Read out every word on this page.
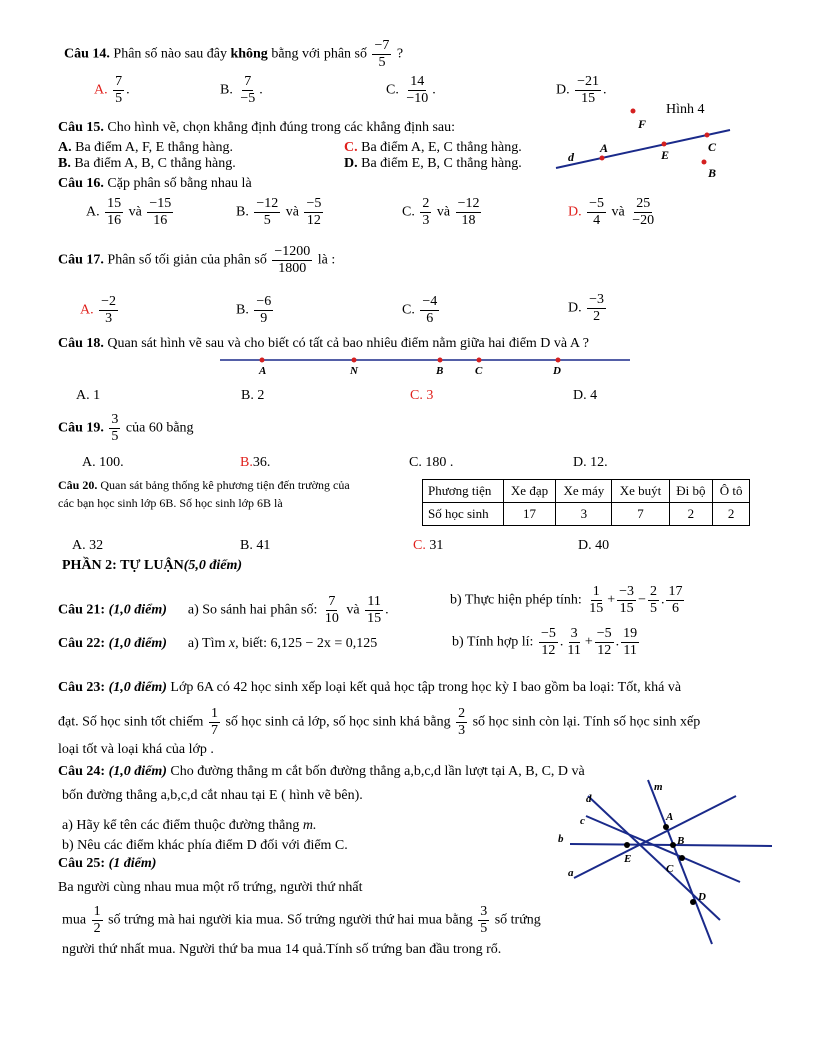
Câu 14. Phân số nào sau đây không bằng với phân số $\frac{-7}{5}$ ?
A. $\frac{7}{5}$ .	B. $\frac{7}{-5}$ .	C. $\frac{14}{-10}$ .	D. $\frac{-21}{15}$ .
Câu 15. Cho hình vẽ, chọn khẳng định đúng trong các khẳng định sau:
A. Ba điểm A, F, E thẳng hàng.
B. Ba điểm A, B, C thẳng hàng.
C. Ba điểm A, E, C thẳng hàng.
D. Ba điểm E, B, C thẳng hàng.
Hình 4
F
A	E
C
B
d
Câu 16. Cặp phân số bằng nhau là
A. $\frac{15}{16}$ và $\frac{-15}{16}$	B. $\frac{-12}{5}$ và $\frac{-5}{12}$	C. $\frac{2}{3}$ và $\frac{-12}{18}$	D. $\frac{-5}{4}$ và $\frac{25}{-20}$
Câu 17. Phân số tối giản của phân số $\frac{-1200}{1800}$ là :
A. $\frac{-2}{3}$	B. $\frac{-6}{9}$	C. $\frac{-4}{6}$	D. $\frac{-3}{2}$
Câu 18. Quan sát hình vẽ sau và cho biết có tất cả bao nhiêu điểm nằm giữa hai điểm D và A ?
A	N	B	C	D
A. 1	B. 2	C. 3	D. 4
Câu 19. $\frac{3}{5}$ của 60 bằng
A. 100.	B.36.	C. 180 .	D. 12.
Câu 20. Quan sát bảng thống kê phương tiện đến trường của
các bạn học sinh lớp 6B. Số học sinh lớp 6B là
Phương tiện	Xe đạp	Xe máy	Xe buýt	Đi bộ	Ô tô
Số học sinh	17	3	7	2	2
A. 32	B. 41	C. 31	D. 40
PHẦN 2: TỰ LUẬN(5,0 điểm)
Câu 21: (1,0 điểm) a) So sánh hai phân số: $\frac{7}{10}$ và $\frac{11}{15}$ .
b) Thực hiện phép tính: $\frac{1}{15} + \frac{-3}{15} - \frac{2}{5}$ . $\frac{17}{6}$
Câu 22: (1,0 điểm) a) Tìm x, biết: 6,125 − 2x = 0,125	b) Tính hợp lí: $\frac{-5}{12}$ . $\frac{3}{11} + \frac{-5}{12}$ . $\frac{19}{11}$
Câu 23: (1,0 điểm) Lớp 6A có 42 học sinh xếp loại kết quả học tập trong học kỳ I bao gồm ba loại: Tốt, khá và
đạt. Số học sinh tốt chiếm $\frac{1}{7}$ số học sinh cả lớp, số học sinh khá bằng $\frac{2}{3}$ số học sinh còn lại. Tính số học sinh xếp
loại tốt và loại khá của lớp .
Câu 24: (1,0 điểm) Cho đường thẳng m cắt bốn đường thẳng a,b,c,d lần lượt tại A, B, C, D và
bốn đường thẳng a,b,c,d cắt nhau tại E ( hình vẽ bên).
a) Hãy kể tên các điểm thuộc đường thẳng m.
b) Nêu các điểm khác phía điểm D đối với điểm C.
m
d
c
b
a
A
B
C
D
E
Câu 25: (1 điểm)
Ba người cùng nhau mua một rổ trứng, người thứ nhất
mua $\frac{1}{2}$ số trứng mà hai người kia mua. Số trứng người thứ hai mua bằng $\frac{3}{5}$ số trứng
người thứ nhất mua. Người thứ ba mua 14 quả.Tính số trứng ban đầu trong rổ.
